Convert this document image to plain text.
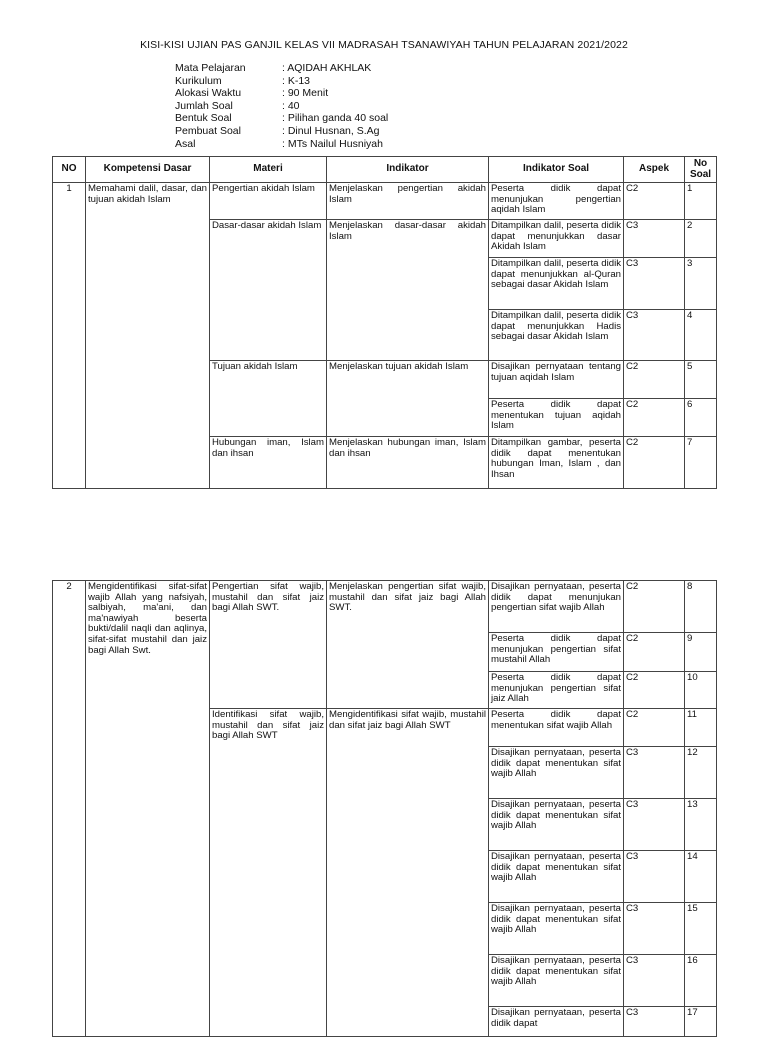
KISI-KISI UJIAN PAS GANJIL KELAS VII MADRASAH TSANAWIYAH TAHUN PELAJARAN 2021/2022
Mata Pelajaran	: AQIDAH AKHLAK
Kurikulum	: K-13
Alokasi Waktu	: 90 Menit
Jumlah Soal	: 40
Bentuk Soal	: Pilihan ganda 40 soal
Pembuat Soal	: Dinul Husnan, S.Ag
Asal	: MTs Nailul Husniyah
NO	Kompetensi Dasar	Materi	Indikator	Indikator Soal	Aspek	No Soal
1	Memahami dalil, dasar, dan tujuan akidah Islam	Pengertian akidah Islam	Menjelaskan pengertian akidah Islam	Peserta didik dapat menunjukan pengertian aqidah Islam	C2	1
		Dasar-dasar akidah Islam	Menjelaskan dasar-dasar akidah Islam	Ditampilkan dalil, peserta didik dapat menunjukkan dasar Akidah Islam	C3	2
				Ditampilkan dalil, peserta didik dapat menunjukkan al-Quran sebagai dasar Akidah Islam	C3	3
				Ditampilkan dalil, peserta didik dapat menunjukkan Hadis sebagai dasar Akidah Islam	C3	4
		Tujuan akidah Islam	Menjelaskan tujuan akidah Islam	Disajikan pernyataan tentang tujuan aqidah Islam	C2	5
				Peserta didik dapat menentukan tujuan aqidah Islam	C2	6
		Hubungan iman, Islam dan ihsan	Menjelaskan hubungan iman, Islam dan ihsan	Ditampilkan gambar, peserta didik dapat menentukan hubungan Iman, Islam , dan Ihsan	C2	7
2	Mengidentifikasi sifat-sifat wajib Allah yang nafsiyah, salbiyah, ma'ani, dan ma'nawiyah beserta bukti/dalil naqli dan aqlinya, sifat-sifat mustahil dan jaiz bagi Allah Swt.	Pengertian sifat wajib, mustahil dan sifat jaiz bagi Allah SWT.	Menjelaskan pengertian sifat wajib, mustahil dan sifat jaiz bagi Allah SWT.	Disajikan pernyataan, peserta didik dapat menunjukan pengertian sifat wajib Allah	C2	8
				Peserta didik dapat menunjukan pengertian sifat mustahil Allah	C2	9
				Peserta didik dapat menunjukan pengertian sifat jaiz Allah	C2	10
		Identifikasi sifat wajib, mustahil dan sifat jaiz bagi Allah SWT	Mengidentifikasi sifat wajib, mustahil dan sifat jaiz bagi Allah SWT	Peserta didik dapat menentukan sifat wajib Allah	C2	11
				Disajikan pernyataan, peserta didik dapat menentukan sifat wajib Allah	C3	12
				Disajikan pernyataan, peserta didik dapat menentukan sifat wajib Allah	C3	13
				Disajikan pernyataan, peserta didik dapat menentukan sifat wajib Allah	C3	14
				Disajikan pernyataan, peserta didik dapat menentukan sifat wajib Allah	C3	15
				Disajikan pernyataan, peserta didik dapat menentukan sifat wajib Allah	C3	16
				Disajikan pernyataan, peserta didik dapat	C3	17
